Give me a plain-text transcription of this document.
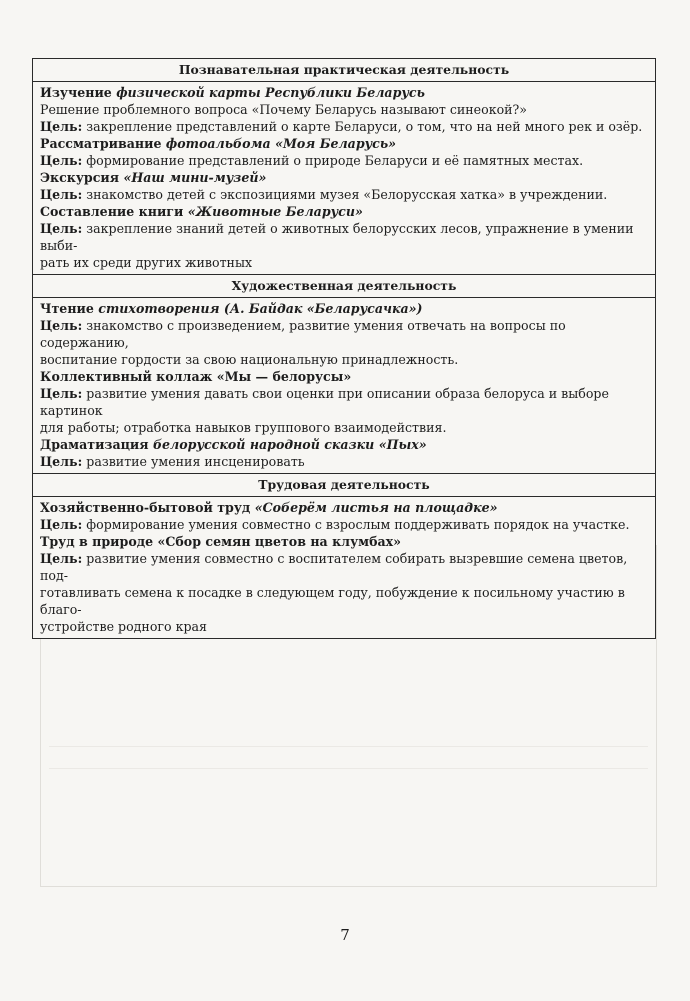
Познавательная практическая деятельность

Изучение физической карты Республики Беларусь
Решение проблемного вопроса «Почему Беларусь называют синеокой?»
Цель: закрепление представлений о карте Беларуси, о том, что на ней много рек и озёр.
Рассматривание фотоальбома «Моя Беларусь»
Цель: формирование представлений о природе Беларуси и её памятных местах.
Экскурсия «Наш мини-музей»
Цель: знакомство детей с экспозициями музея «Белорусская хатка» в учреждении.
Составление книги «Животные Беларуси»
Цель: закрепление знаний детей о животных белорусских лесов, упражнение в умении выби-
рать их среди других животных

Художественная деятельность

Чтение стихотворения (А. Байдак «Беларусачка»)
Цель: знакомство с произведением, развитие умения отвечать на вопросы по содержанию,
воспитание гордости за свою национальную принадлежность.
Коллективный коллаж «Мы — белорусы»
Цель: развитие умения давать свои оценки при описании образа белоруса и выборе картинок
для работы; отработка навыков группового взаимодействия.
Драматизация белорусской народной сказки «Пых»
Цель: развитие умения инсценировать

Трудовая деятельность

Хозяйственно-бытовой труд «Соберём листья на площадке»
Цель: формирование умения совместно с взрослым поддерживать порядок на участке.
Труд в природе «Сбор семян цветов на клумбах»
Цель: развитие умения совместно с воспитателем собирать вызревшие семена цветов, под-
готавливать семена к посадке в следующем году, побуждение к посильному участию в благо-
устройстве родного края
7
